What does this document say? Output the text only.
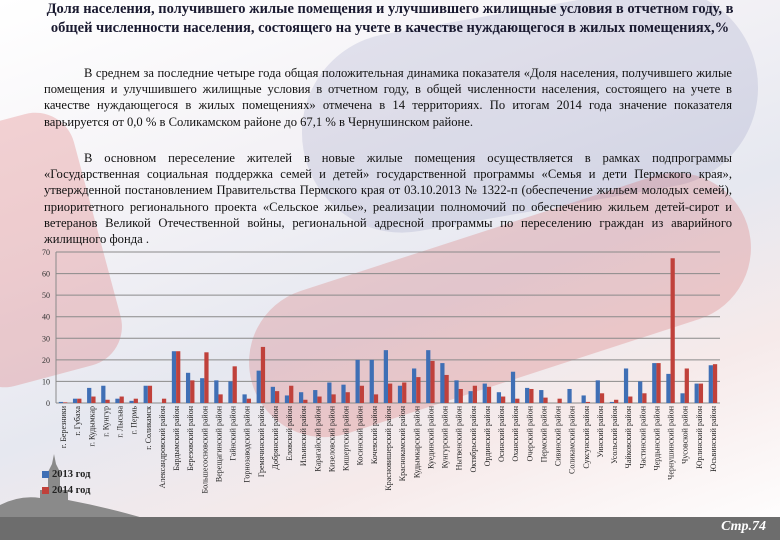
Доля населения, получившего жилые помещения и улучшившего жилищные условия в отчетном году, в общей численности населения, состоящего на учете в качестве нуждающегося в жилых помещениях,%
В среднем за последние четыре года общая положительная динамика показателя «Доля населения, получившего жилые помещения и улучшившего жилищные условия в отчетном году, в общей численности населения, состоящего на учете в качестве нуждающегося в жилых помещениях» отмечена в 14 территориях. По итогам 2014 года значение показателя варьируется от 0,0 % в Соликамском районе до 67,1 % в Чернушинском районе.
В основном переселение жителей в новые жилые помещения осуществляется в рамках подпрограммы «Государственная социальная поддержка семей и детей» государственной программы «Семья и дети Пермского края», утвержденной постановлением Правительства Пермского края от 03.10.2013 № 1322-п (обеспечение жильем молодых семей), приоритетного регионального проекта «Сельское жилье», реализации полномочий по обеспечению жильем детей-сирот и ветеранов Великой Отечественной войны, региональной адресной программы по переселению граждан из аварийного жилищного фонда .
0
10
20
30
40
50
60
70
г. Березники г. Губаха г. Кудымкар г. Кунгур г. Лысьва г. Пермь г. Соликамск Александровский район Бардымский район Березовский район Большесосновский район Верещагинский район Гайнский район Горнозаводский район Гремячинский район Добрянский район Еловский район Ильинский район Карагайский район Кизеловский район Кишертский район Косинский район Кочевский район Красновишерский район Краснокамский район Кудымкарский район Куединский район Кунгурский район Нытвенский район Октябрьский район Ординский район Осинский район Оханский район Очерский район Пермский район Сивинский район Соликамский район Суксунский район Уинский район Усольский район Чайковский район Частинский район Чердынский район Чернушинский район Чусовской район Юрлинский район Юсьвинский район
2013 год
2014 год
Стр.74
